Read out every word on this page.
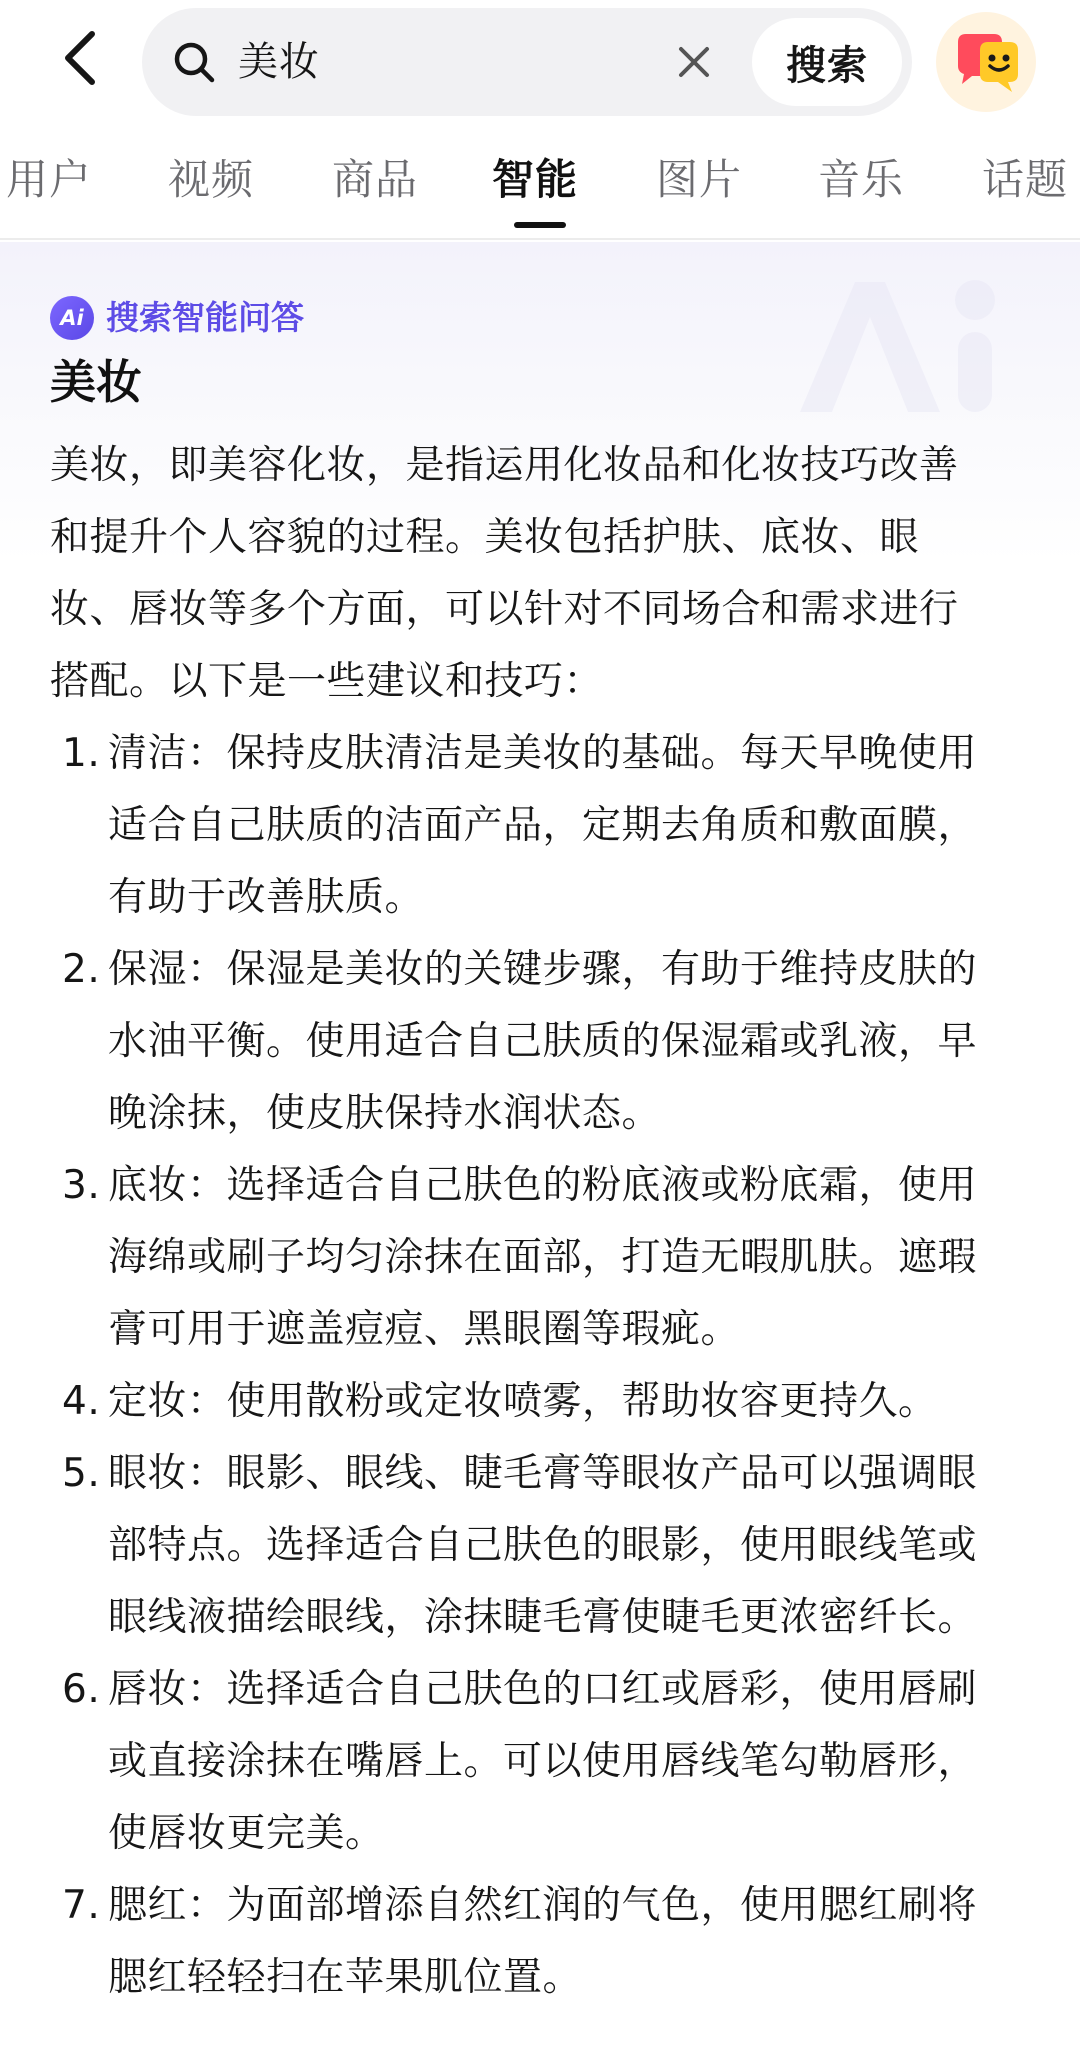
美妆	搜索
用户 视频 商品 智能 图片 音乐 话题
Ai 搜索智能问答
美妆

美妆，即美容化妆，是指运用化妆品和化妆技巧改善和提升个人容貌的过程。美妆包括护肤、底妆、眼妆、唇妆等多个方面，可以针对不同场合和需求进行搭配。以下是一些建议和技巧：

1. 清洁：保持皮肤清洁是美妆的基础。每天早晚使用适合自己肤质的洁面产品，定期去角质和敷面膜，有助于改善肤质。
2. 保湿：保湿是美妆的关键步骤，有助于维持皮肤的水油平衡。使用适合自己肤质的保湿霜或乳液，早晚涂抹，使皮肤保持水润状态。
3. 底妆：选择适合自己肤色的粉底液或粉底霜，使用海绵或刷子均匀涂抹在面部，打造无暇肌肤。遮瑕膏可用于遮盖痘痘、黑眼圈等瑕疵。
4. 定妆：使用散粉或定妆喷雾，帮助妆容更持久。
5. 眼妆：眼影、眼线、睫毛膏等眼妆产品可以强调眼部特点。选择适合自己肤色的眼影，使用眼线笔或眼线液描绘眼线，涂抹睫毛膏使睫毛更浓密纤长。
6. 唇妆：选择适合自己肤色的口红或唇彩，使用唇刷或直接涂抹在嘴唇上。可以使用唇线笔勾勒唇形，使唇妆更完美。
7. 腮红：为面部增添自然红润的气色，使用腮红刷将腮红轻轻扫在苹果肌位置。
